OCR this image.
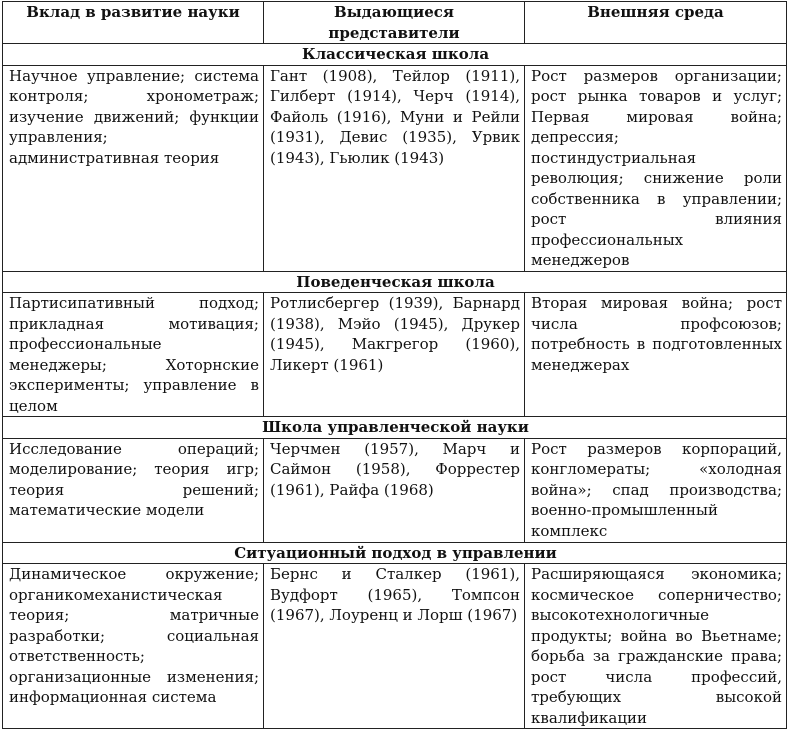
Вклад в развитие науки	Выдающиеся представители	Внешняя среда
Классическая школа		
Научное управление; система контроля; хронометраж; изучение движений; функции управления; административная теория	Гант (1908), Тейлор (1911), Гилберт (1914), Черч (1914), Файоль (1916), Муни и Рейли (1931), Девис (1935), Урвик (1943), Гьюлик (1943)	Рост размеров организации; рост рынка товаров и услуг; Первая мировая война; депрессия; постиндустриальная революция; снижение роли собственника в управлении; рост влияния профессиональных менеджеров
Поведенческая школа		
Партисипативный подход; прикладная мотивация; профессиональные менеджеры; Хоторнские эксперименты; управление в целом	Ротлисбергер (1939), Барнард (1938), Мэйо (1945), Друкер (1945), Макгрегор (1960), Ликерт (1961)	Вторая мировая война; рост числа профсоюзов; потребность в подготовленных менеджерах
Школа управленческой науки		
Исследование операций; моделирование; теория игр; теория решений; математические модели	Черчмен (1957), Марч и Саймон (1958), Форрестер (1961), Райфа (1968)	Рост размеров корпораций, конгломераты; «холодная война»; спад производства; военно-промышленный комплекс
Ситуационный подход в управлении		
Динамическое окружение; органикомеханистическая теория; матричные разработки; социальная ответственность; организационные изменения; информационная система	Бернс и Сталкер (1961), Вудфорт (1965), Томпсон (1967), Лоуренц и Лорш (1967)	Расширяющаяся экономика; космическое соперничество; высокотехнологичные продукты; война во Вьетнаме; борьба за гражданские права; рост числа профессий, требующих высокой квалификации
